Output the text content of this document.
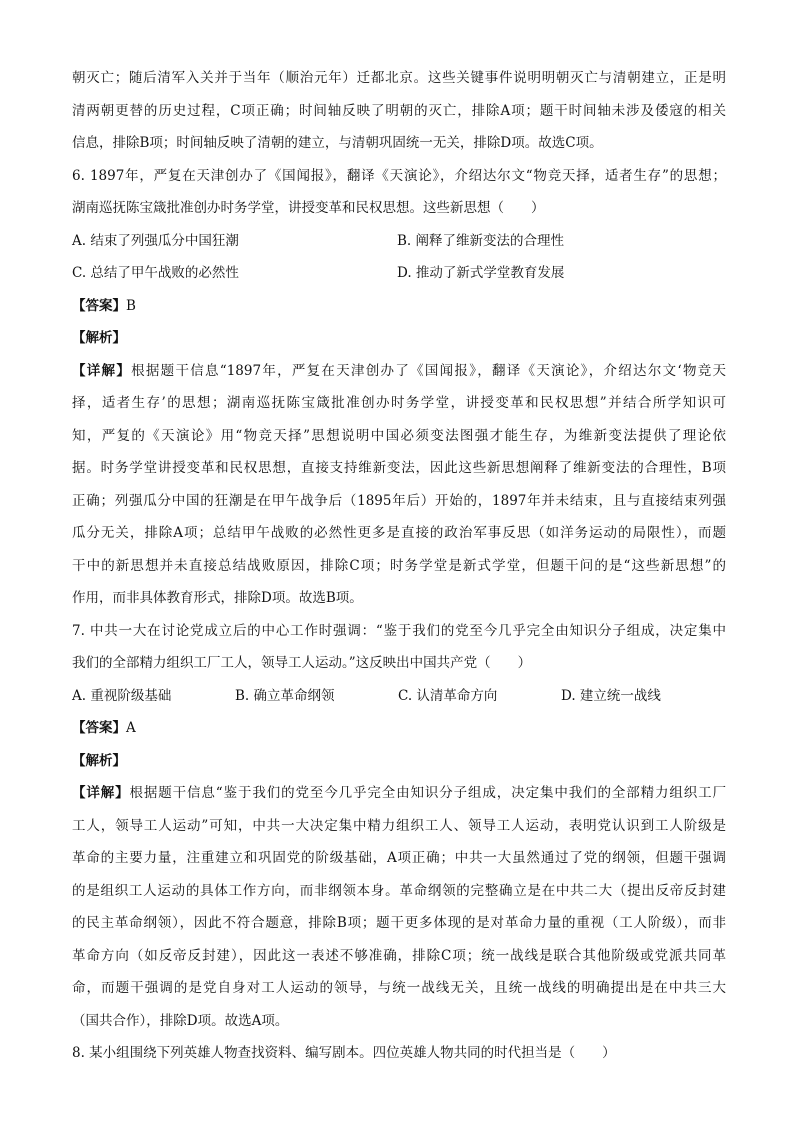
朝灭亡；随后清军入关并于当年（顺治元年）迁都北京。这些关键事件说明明朝灭亡与清朝建立，正是明
清两朝更替的历史过程，C项正确；时间轴反映了明朝的灭亡，排除A项；题干时间轴未涉及倭寇的相关
信息，排除B项；时间轴反映了清朝的建立，与清朝巩固统一无关，排除D项。故选C项。
6. 1897年，严复在天津创办了《国闻报》，翻译《天演论》，介绍达尔文“物竞天择，适者生存”的思想；
湖南巡抚陈宝箴批准创办时务学堂，讲授变革和民权思想。这些新思想（　　）
A. 结束了列强瓜分中国狂潮	B. 阐释了维新变法的合理性
C. 总结了甲午战败的必然性	D. 推动了新式学堂教育发展
【答案】B
【解析】
【详解】根据题干信息“1897年，严复在天津创办了《国闻报》，翻译《天演论》，介绍达尔文‘物竞天
择，适者生存’的思想；湖南巡抚陈宝箴批准创办时务学堂，讲授变革和民权思想”并结合所学知识可
知，严复的《天演论》用“物竞天择”思想说明中国必须变法图强才能生存，为维新变法提供了理论依
据。时务学堂讲授变革和民权思想，直接支持维新变法，因此这些新思想阐释了维新变法的合理性，B项
正确；列强瓜分中国的狂潮是在甲午战争后（1895年后）开始的，1897年并未结束，且与直接结束列强
瓜分无关，排除A项；总结甲午战败的必然性更多是直接的政治军事反思（如洋务运动的局限性），而题
干中的新思想并未直接总结战败原因，排除C项；时务学堂是新式学堂，但题干问的是“这些新思想”的
作用，而非具体教育形式，排除D项。故选B项。
7. 中共一大在讨论党成立后的中心工作时强调：“鉴于我们的党至今几乎完全由知识分子组成，决定集中
我们的全部精力组织工厂工人，领导工人运动。”这反映出中国共产党（　　）
A. 重视阶级基础	B. 确立革命纲领	C. 认清革命方向	D. 建立统一战线
【答案】A
【解析】
【详解】根据题干信息“鉴于我们的党至今几乎完全由知识分子组成，决定集中我们的全部精力组织工厂
工人，领导工人运动”可知，中共一大决定集中精力组织工人、领导工人运动，表明党认识到工人阶级是
革命的主要力量，注重建立和巩固党的阶级基础，A项正确；中共一大虽然通过了党的纲领，但题干强调
的是组织工人运动的具体工作方向，而非纲领本身。革命纲领的完整确立是在中共二大（提出反帝反封建
的民主革命纲领），因此不符合题意，排除B项；题干更多体现的是对革命力量的重视（工人阶级），而非
革命方向（如反帝反封建），因此这一表述不够准确，排除C项；统一战线是联合其他阶级或党派共同革
命，而题干强调的是党自身对工人运动的领导，与统一战线无关，且统一战线的明确提出是在中共三大
（国共合作），排除D项。故选A项。
8. 某小组围绕下列英雄人物查找资料、编写剧本。四位英雄人物共同的时代担当是（　　）
